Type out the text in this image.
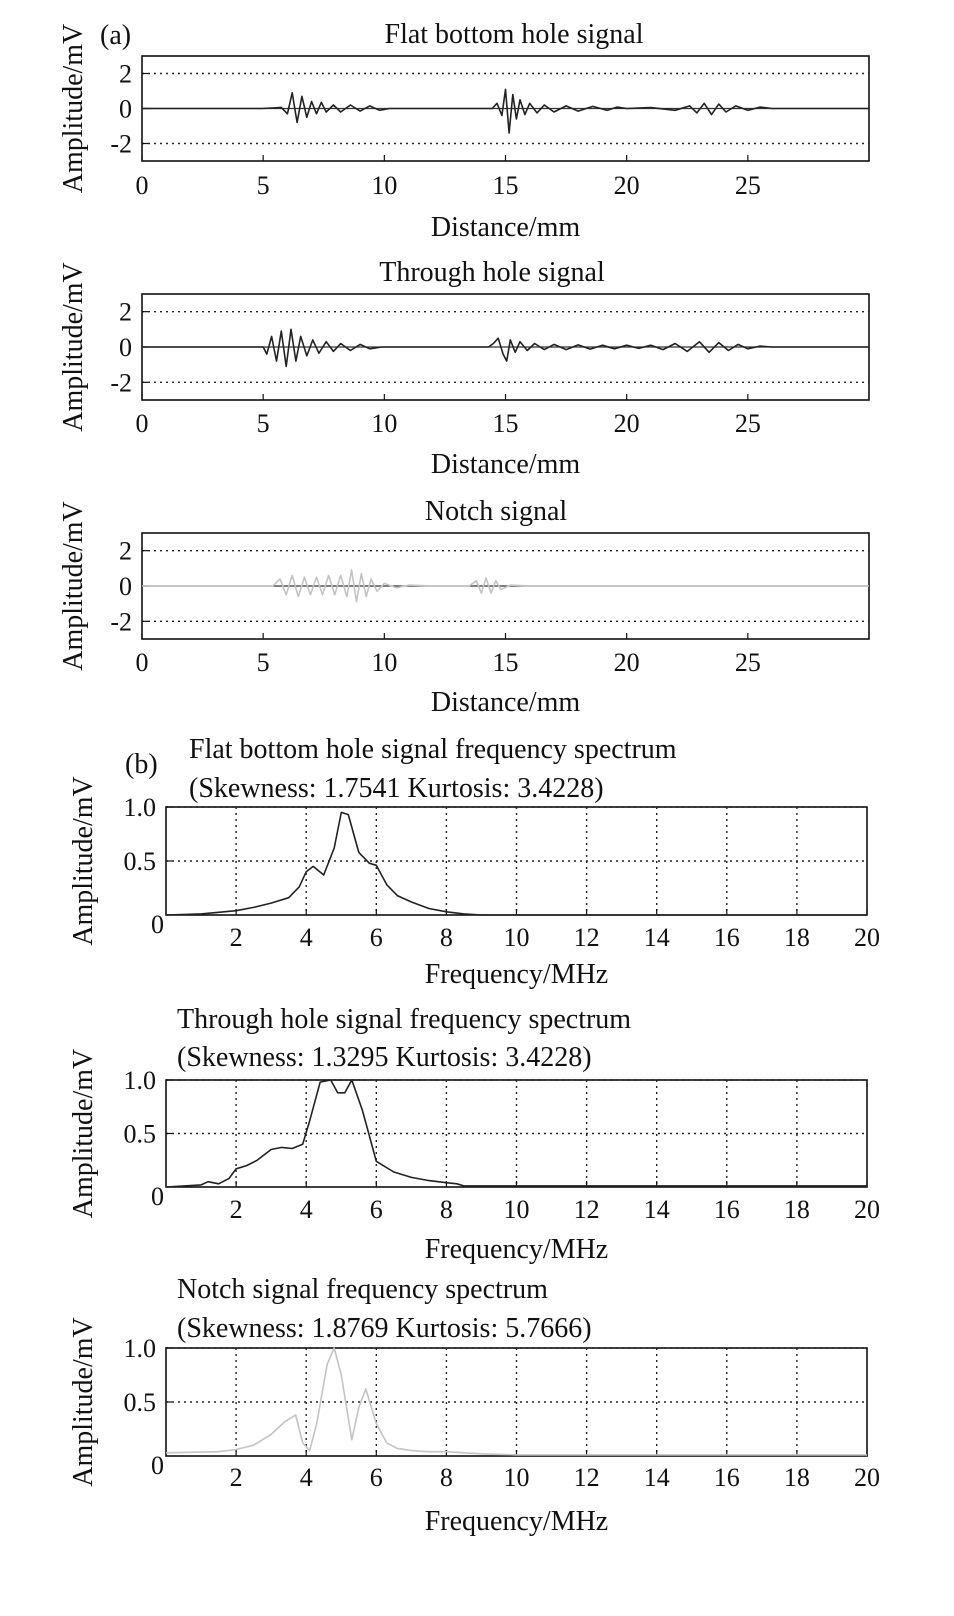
(a)
(b)
0	5	10	15	20	25
2
0
-2
Flat bottom hole signal
Distance/mm
Amplitude/mV
0	5	10	15	20	25
2
0
-2
Through hole signal
Distance/mm
Amplitude/mV
0	5	10	15	20	25
2
0
-2
Notch signal
Distance/mm
Amplitude/mV
2 4 6 8 10 12 14 16 18 20
1.0
0.5
0
Flat bottom hole signal frequency spectrum
(Skewness: 1.7541 Kurtosis: 3.4228)
Frequency/MHz
Amplitude/mV
2 4 6 8 10 12 14 16 18 20
1.0
0.5
0
Through hole signal frequency spectrum
(Skewness: 1.3295 Kurtosis: 3.4228)
Frequency/MHz
Amplitude/mV
2 4 6 8 10 12 14 16 18 20
1.0
0.5
0
Notch signal frequency spectrum
(Skewness: 1.8769 Kurtosis: 5.7666)
Frequency/MHz
Amplitude/mV
